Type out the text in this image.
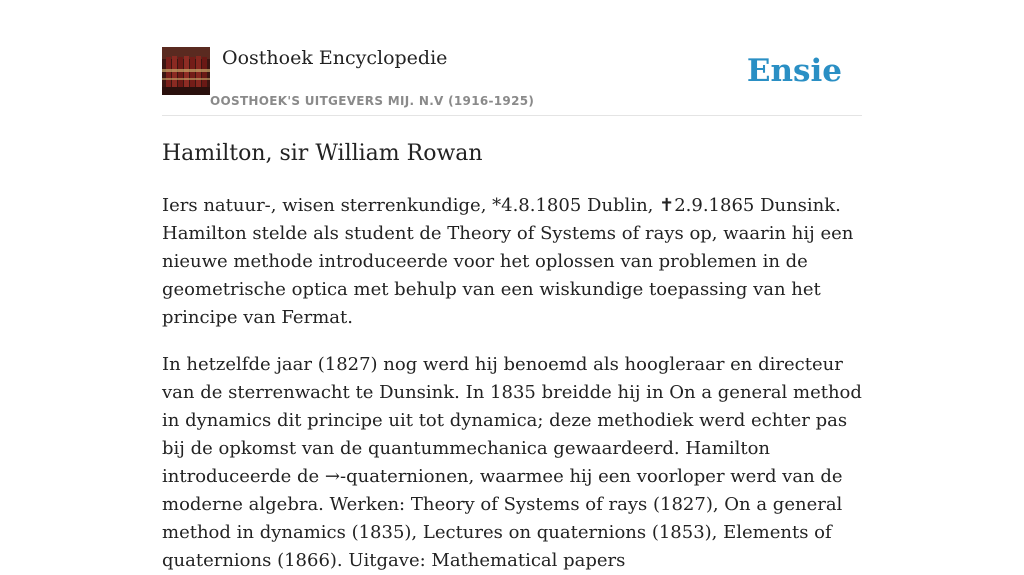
Oosthoek Encyclopedie
OOSTHOEK'S UITGEVERS MIJ. N.V (1916-1925)
Ensie
Hamilton, sir William Rowan

Iers natuur-, wisen sterrenkundige, *4.8.1805 Dublin, ✝2.9.1865 Dunsink. Hamilton stelde als student de Theory of Systems of rays op, waarin hij een nieuwe methode introduceerde voor het oplossen van problemen in de geometrische optica met behulp van een wiskundige toepassing van het principe van Fermat.

In hetzelfde jaar (1827) nog werd hij benoemd als hoogleraar en directeur van de sterrenwacht te Dunsink. In 1835 breidde hij in On a general method in dynamics dit principe uit tot dynamica; deze methodiek werd echter pas bij de opkomst van de quantummechanica gewaardeerd. Hamilton introduceerde de →-quaternionen, waarmee hij een voorloper werd van de moderne algebra. Werken: Theory of Systems of rays (1827), On a general method in dynamics (1835), Lectures on quaternions (1853), Elements of quaternions (1866). Uitgave: Mathematical papers
